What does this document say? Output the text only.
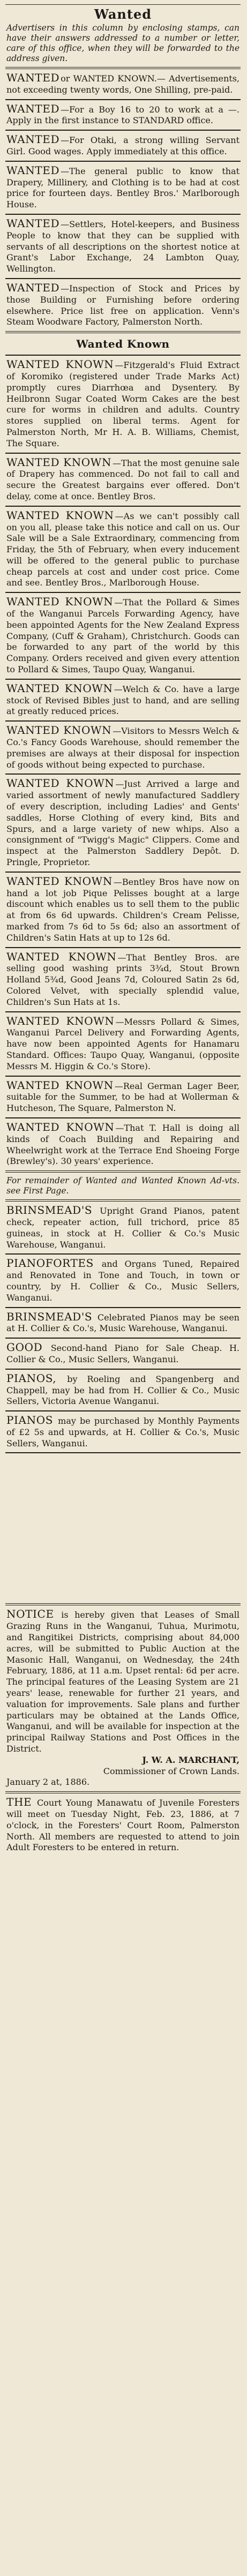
Wanted
Advertisers in this column by enclosing stamps, can have their answers addressed to a number or letter, care of this office, when they will be forwarded to the address given.

WANTED or WANTED KNOWN.— Advertisements, not exceeding twenty words, One Shilling, pre-paid.

WANTED —For a Boy 16 to 20 to work at a —. Apply in the first instance to STANDARD office.

WANTED —For Otaki, a strong willing Servant Girl. Good wages. Apply immediately at this office.

WANTED —The general public to know that Drapery, Millinery, and Clothing is to be had at cost price for fourteen days. Bentley Bros.' Marlborough House.

WANTED —Settlers, Hotel-keepers, and Business People to know that they can be supplied with servants of all descriptions on the shortest notice at Grant's Labor Exchange, 24 Lambton Quay, Wellington.

WANTED —Inspection of Stock and Prices by those Building or Furnishing before ordering elsewhere. Price list free on application. Venn's Steam Woodware Factory, Palmerston North.

Wanted Known

WANTED KNOWN —Fitzgerald's Fluid Extract of Koromiko (registered under Trade Marks Act) promptly cures Diarrhœa and Dysentery. By Heilbronn Sugar Coated Worm Cakes are the best cure for worms in children and adults. Country stores supplied on liberal terms. Agent for Palmerston North, Mr H. A. B. Williams, Chemist, The Square.

WANTED KNOWN —That the most genuine sale of Drapery has commenced. Do not fail to call and secure the Greatest bargains ever offered. Don't delay, come at once. Bentley Bros.

WANTED KNOWN —As we can't possibly call on you all, please take this notice and call on us. Our Sale will be a Sale Extraordinary, commencing from Friday, the 5th of February, when every inducement will be offered to the general public to purchase cheap parcels at cost and under cost price. Come and see. Bentley Bros., Marlborough House.

WANTED KNOWN —That the Pollard & Simes of the Wanganui Parcels Forwarding Agency, have been appointed Agents for the New Zealand Express Company, (Cuff & Graham), Christchurch. Goods can be forwarded to any part of the world by this Company. Orders received and given every attention to Pollard & Simes, Taupo Quay, Wanganui.

WANTED KNOWN —Welch & Co. have a large stock of Revised Bibles just to hand, and are selling at greatly reduced prices.

WANTED KNOWN —Visitors to Messrs Welch & Co.'s Fancy Goods Warehouse, should remember the premises are always at their disposal for inspection of goods without being expected to purchase.

WANTED KNOWN —Just Arrived a large and varied assortment of newly manufactured Saddlery of every description, including Ladies' and Gents' saddles, Horse Clothing of every kind, Bits and Spurs, and a large variety of new whips. Also a consignment of "Twigg's Magic" Clippers. Come and inspect at the Palmerston Saddlery Depôt. D. Pringle, Proprietor.

WANTED KNOWN —Bentley Bros have now on hand a lot job Pique Pelisses bought at a large discount which enables us to sell them to the public at from 6s 6d upwards. Children's Cream Pelisse, marked from 7s 6d to 5s 6d; also an assortment of Children's Satin Hats at up to 12s 6d.

WANTED KNOWN —That Bentley Bros. are selling good washing prints 3¾d, Stout Brown Holland 5¾d, Good Jeans 7d, Coloured Satin 2s 6d, Colored Velvet, with specially splendid value, Children's Sun Hats at 1s.

WANTED KNOWN —Messrs Pollard & Simes, Wanganui Parcel Delivery and Forwarding Agents, have now been appointed Agents for Hanamaru Standard. Offices: Taupo Quay, Wanganui, (opposite Messrs M. Higgin & Co.'s Store).

WANTED KNOWN —Real German Lager Beer, suitable for the Summer, to be had at Wollerman & Hutcheson, The Square, Palmerston N.

WANTED KNOWN —That T. Hall is doing all kinds of Coach Building and Repairing and Wheelwright work at the Terrace End Shoeing Forge (Brewley's). 30 years' experience.

For remainder of Wanted and Wanted Known Ad-vts. see First Page.

BRINSMEAD'S Upright Grand Pianos, patent check, repeater action, full trichord, price 85 guineas, in stock at H. Collier & Co.'s Music Warehouse, Wanganui.

PIANOFORTES and Organs Tuned, Repaired and Renovated in Tone and Touch, in town or country, by H. Collier & Co., Music Sellers, Wanganui.

BRINSMEAD'S Celebrated Pianos may be seen at H. Collier & Co.'s, Music Warehouse, Wanganui.

GOOD Second-hand Piano for Sale Cheap. H. Collier & Co., Music Sellers, Wanganui.

PIANOS, by Roeling and Spangenberg and Chappell, may be had from H. Collier & Co., Music Sellers, Victoria Avenue Wanganui.

PIANOS may be purchased by Monthly Payments of £2 5s and upwards, at H. Collier & Co.'s, Music Sellers, Wanganui.

NOTICE is hereby given that Leases of Small Grazing Runs in the Wanganui, Tuhua, Murimotu, and Rangitikei Districts, comprising about 84,000 acres, will be submitted to Public Auction at the Masonic Hall, Wanganui, on Wednesday, the 24th February, 1886, at 11 a.m. Upset rental: 6d per acre. The principal features of the Leasing System are 21 years' lease, renewable for further 21 years, and valuation for improvements. Sale plans and further particulars may be obtained at the Lands Office, Wanganui, and will be available for inspection at the principal Railway Stations and Post Offices in the District.

J. W. A. MARCHANT,

Commissioner of Crown Lands.

January 2 at, 1886.

THE Court Young Manawatu of Juvenile Foresters will meet on Tuesday Night, Feb. 23, 1886, at 7 o'clock, in the Foresters' Court Room, Palmerston North. All members are requested to attend to join Adult Foresters to be entered in return.
